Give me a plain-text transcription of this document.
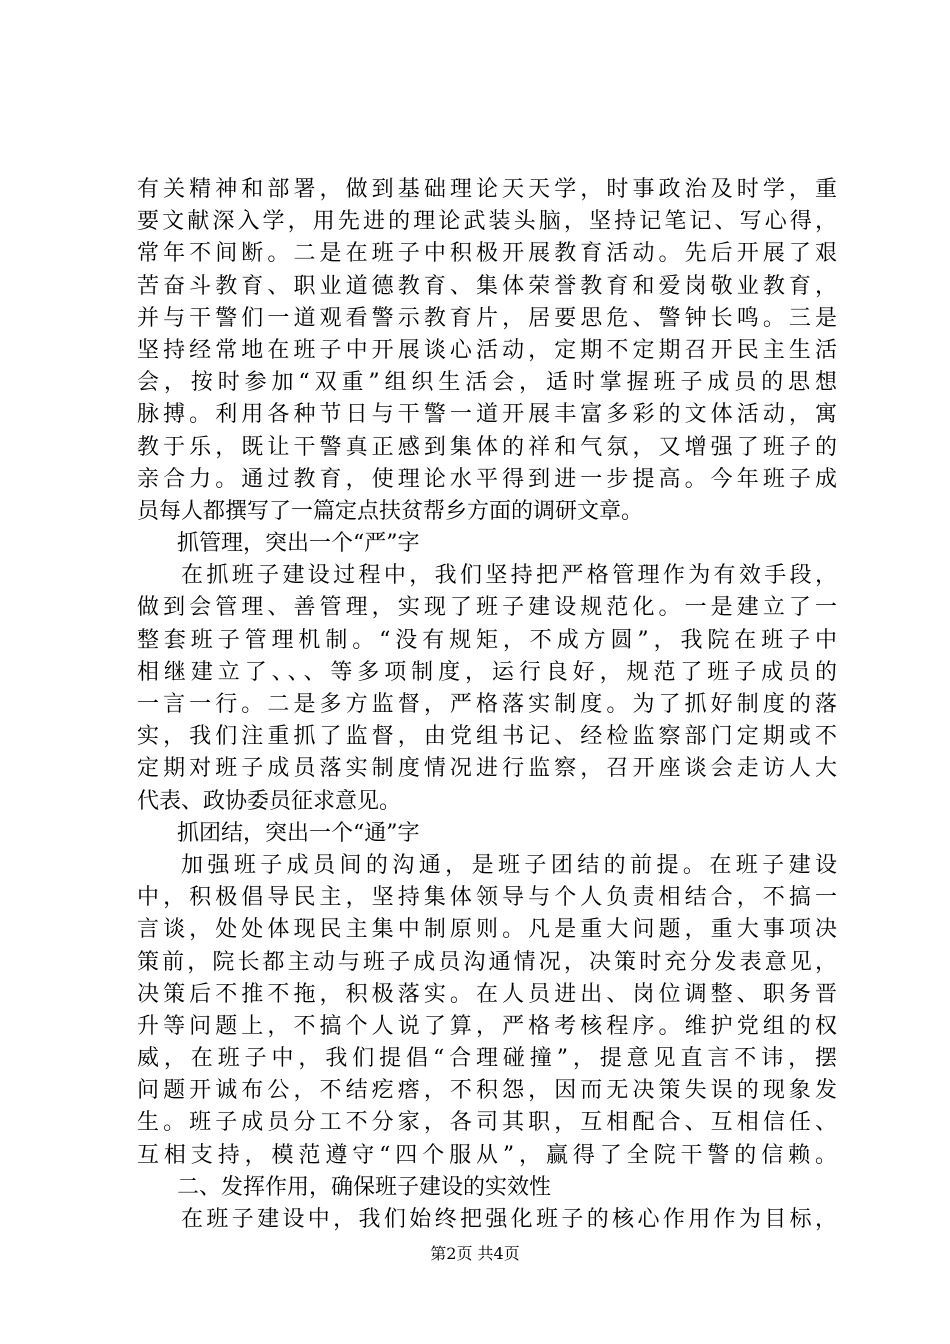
有关精神和部署，做到基础理论天天学，时事政治及时学，重
要文献深入学，用先进的理论武装头脑，坚持记笔记、写心得，
常年不间断。二是在班子中积极开展教育活动。先后开展了艰
苦奋斗教育、职业道德教育、集体荣誉教育和爱岗敬业教育，
并与干警们一道观看警示教育片，居要思危、警钟长鸣。三是
坚持经常地在班子中开展谈心活动，定期不定期召开民主生活
会，按时参加“双重”组织生活会，适时掌握班子成员的思想
脉搏。利用各种节日与干警一道开展丰富多彩的文体活动，寓
教于乐，既让干警真正感到集体的祥和气氛，又增强了班子的
亲合力。通过教育，使理论水平得到进一步提高。今年班子成
员每人都撰写了一篇定点扶贫帮乡方面的调研文章。
抓管理，突出一个“严”字
在抓班子建设过程中，我们坚持把严格管理作为有效手段，
做到会管理、善管理，实现了班子建设规范化。一是建立了一
整套班子管理机制。“没有规矩，不成方圆”，我院在班子中
相继建立了、、、等多项制度，运行良好，规范了班子成员的
一言一行。二是多方监督，严格落实制度。为了抓好制度的落
实，我们注重抓了监督，由党组书记、经检监察部门定期或不
定期对班子成员落实制度情况进行监察，召开座谈会走访人大
代表、政协委员征求意见。
抓团结，突出一个“通”字
加强班子成员间的沟通，是班子团结的前提。在班子建设
中，积极倡导民主，坚持集体领导与个人负责相结合，不搞一
言谈，处处体现民主集中制原则。凡是重大问题，重大事项决
策前，院长都主动与班子成员沟通情况，决策时充分发表意见，
决策后不推不拖，积极落实。在人员进出、岗位调整、职务晋
升等问题上，不搞个人说了算，严格考核程序。维护党组的权
威，在班子中，我们提倡“合理碰撞”，提意见直言不讳，摆
问题开诚布公，不结疙瘩，不积怨，因而无决策失误的现象发
生。班子成员分工不分家，各司其职，互相配合、互相信任、
互相支持，模范遵守“四个服从”，赢得了全院干警的信赖。
二、发挥作用，确保班子建设的实效性
在班子建设中，我们始终把强化班子的核心作用作为目标，
第2页 共4页
